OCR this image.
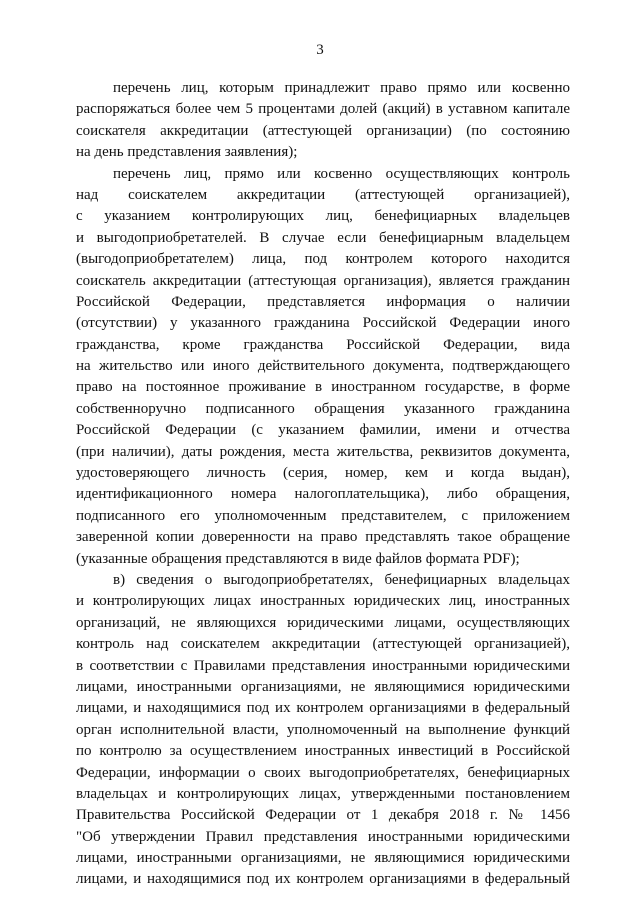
3
перечень лиц, которым принадлежит право прямо или косвенно
распоряжаться более чем 5 процентами долей (акций) в уставном капитале
соискателя аккредитации (аттестующей организации) (по состоянию
на день представления заявления);
перечень лиц, прямо или косвенно осуществляющих контроль
над соискателем аккредитации (аттестующей организацией),
с указанием контролирующих лиц, бенефициарных владельцев
и выгодоприобретателей. В случае если бенефициарным владельцем
(выгодоприобретателем) лица, под контролем которого находится
соискатель аккредитации (аттестующая организация), является гражданин
Российской Федерации, представляется информация о наличии
(отсутствии) у указанного гражданина Российской Федерации иного
гражданства, кроме гражданства Российской Федерации, вида
на жительство или иного действительного документа, подтверждающего
право на постоянное проживание в иностранном государстве, в форме
собственноручно подписанного обращения указанного гражданина
Российской Федерации (с указанием фамилии, имени и отчества
(при наличии), даты рождения, места жительства, реквизитов документа,
удостоверяющего личность (серия, номер, кем и когда выдан),
идентификационного номера налогоплательщика), либо обращения,
подписанного его уполномоченным представителем, с приложением
заверенной копии доверенности на право представлять такое обращение
(указанные обращения представляются в виде файлов формата PDF);
в) сведения о выгодоприобретателях, бенефициарных владельцах
и контролирующих лицах иностранных юридических лиц, иностранных
организаций, не являющихся юридическими лицами, осуществляющих
контроль над соискателем аккредитации (аттестующей организацией),
в соответствии с Правилами представления иностранными юридическими
лицами, иностранными организациями, не являющимися юридическими
лицами, и находящимися под их контролем организациями в федеральный
орган исполнительной власти, уполномоченный на выполнение функций
по контролю за осуществлением иностранных инвестиций в Российской
Федерации, информации о своих выгодоприобретателях, бенефициарных
владельцах и контролирующих лицах, утвержденными постановлением
Правительства Российской Федерации от 1 декабря 2018 г. № 1456
"Об утверждении Правил представления иностранными юридическими
лицами, иностранными организациями, не являющимися юридическими
лицами, и находящимися под их контролем организациями в федеральный
